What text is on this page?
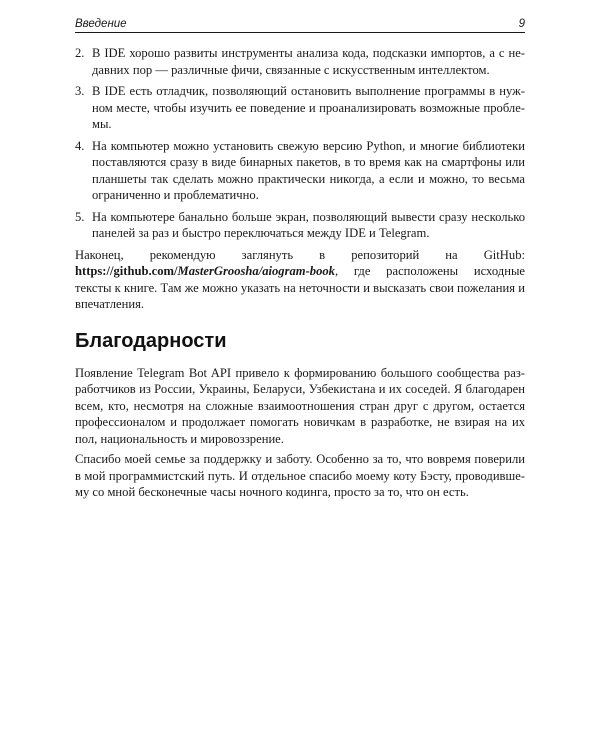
Введение	9
2. В IDE хорошо развиты инструменты анализа кода, подсказки импортов, а с недавних пор — различные фичи, связанные с искусственным интеллектом.
3. В IDE есть отладчик, позволяющий остановить выполнение программы в нужном месте, чтобы изучить ее поведение и проанализировать возможные проблемы.
4. На компьютер можно установить свежую версию Python, и многие библиотеки поставляются сразу в виде бинарных пакетов, в то время как на смартфоны или планшеты так сделать можно практически никогда, а если и можно, то весьма ограниченно и проблематично.
5. На компьютере банально больше экран, позволяющий вывести сразу несколько панелей за раз и быстро переключаться между IDE и Telegram.

Наконец, рекомендую заглянуть в репозиторий на GitHub: https://github.com/MasterGroosha/aiogram-book, где расположены исходные тексты к книге. Там же можно указать на неточности и высказать свои пожелания и впечатления.

Благодарности

Появление Telegram Bot API привело к формированию большого сообщества разработчиков из России, Украины, Беларуси, Узбекистана и их соседей. Я благодарен всем, кто, несмотря на сложные взаимоотношения стран друг с другом, остается профессионалом и продолжает помогать новичкам в разработке, не взирая на их пол, национальность и мировоззрение.

Спасибо моей семье за поддержку и заботу. Особенно за то, что вовремя поверили в мой программистский путь. И отдельное спасибо моему коту Бэсту, проводившему со мной бесконечные часы ночного кодинга, просто за то, что он есть.
